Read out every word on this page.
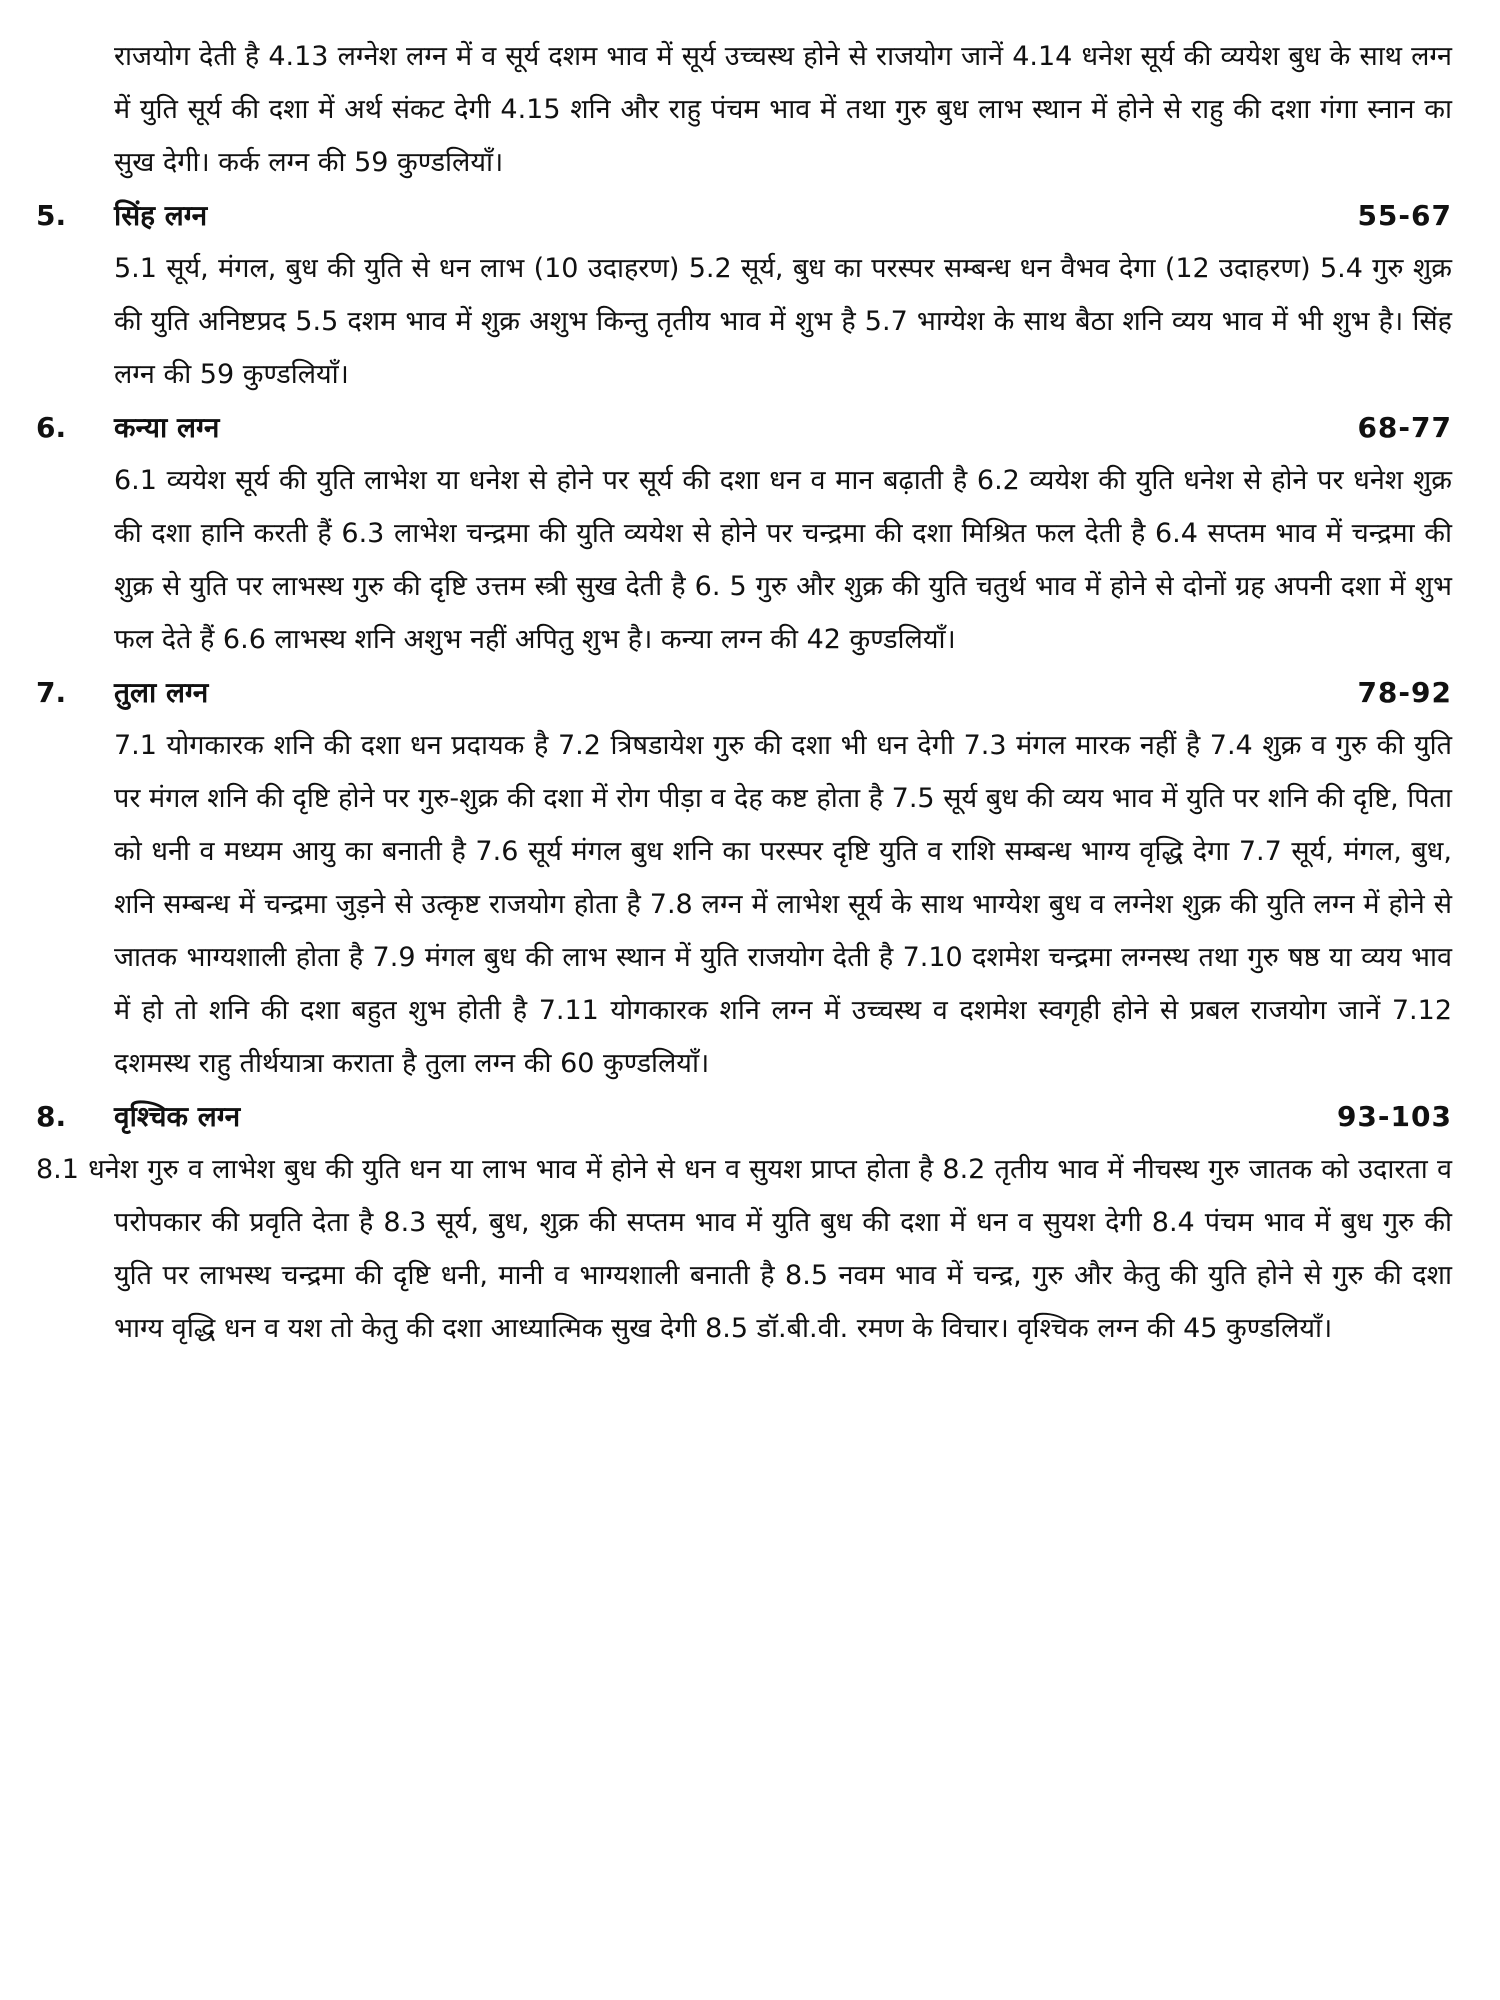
राजयोग देती है 4.13 लग्नेश लग्न में व सूर्य दशम भाव में सूर्य उच्चस्थ होने से राजयोग जानें 4.14 धनेश सूर्य की व्ययेश बुध के साथ लग्न में युति सूर्य की दशा में अर्थ संकट देगी 4.15 शनि और राहु पंचम भाव में तथा गुरु बुध लाभ स्थान में होने से राहु की दशा गंगा स्नान का सुख देगी। कर्क लग्न की 59 कुण्डलियाँ।

5.	सिंह लग्न	55-67

5.1 सूर्य, मंगल, बुध की युति से धन लाभ (10 उदाहरण) 5.2 सूर्य, बुध का परस्पर सम्बन्ध धन वैभव देगा (12 उदाहरण) 5.4 गुरु शुक्र की युति अनिष्टप्रद 5.5 दशम भाव में शुक्र अशुभ किन्तु तृतीय भाव में शुभ है 5.7 भाग्येश के साथ बैठा शनि व्यय भाव में भी शुभ है। सिंह लग्न की 59 कुण्डलियाँ।

6.	कन्या लग्न	68-77

6.1 व्ययेश सूर्य की युति लाभेश या धनेश से होने पर सूर्य की दशा धन व मान बढ़ाती है 6.2 व्ययेश की युति धनेश से होने पर धनेश शुक्र की दशा हानि करती हैं 6.3 लाभेश चन्द्रमा की युति व्ययेश से होने पर चन्द्रमा की दशा मिश्रित फल देती है 6.4 सप्तम भाव में चन्द्रमा की शुक्र से युति पर लाभस्थ गुरु की दृष्टि उत्तम स्त्री सुख देती है 6. 5 गुरु और शुक्र की युति चतुर्थ भाव में होने से दोनों ग्रह अपनी दशा में शुभ फल देते हैं 6.6 लाभस्थ शनि अशुभ नहीं अपितु शुभ है। कन्या लग्न की 42 कुण्डलियाँ।

7.	तुला लग्न	78-92

7.1 योगकारक शनि की दशा धन प्रदायक है 7.2 त्रिषडायेश गुरु की दशा भी धन देगी 7.3 मंगल मारक नहीं है 7.4 शुक्र व गुरु की युति पर मंगल शनि की दृष्टि होने पर गुरु-शुक्र की दशा में रोग पीड़ा व देह कष्ट होता है 7.5 सूर्य बुध की व्यय भाव में युति पर शनि की दृष्टि, पिता को धनी व मध्यम आयु का बनाती है 7.6 सूर्य मंगल बुध शनि का परस्पर दृष्टि युति व राशि सम्बन्ध भाग्य वृद्धि देगा 7.7 सूर्य, मंगल, बुध, शनि सम्बन्ध में चन्द्रमा जुड़ने से उत्कृष्ट राजयोग होता है 7.8 लग्न में लाभेश सूर्य के साथ भाग्येश बुध व लग्नेश शुक्र की युति लग्न में होने से जातक भाग्यशाली होता है 7.9 मंगल बुध की लाभ स्थान में युति राजयोग देती है 7.10 दशमेश चन्द्रमा लग्नस्थ तथा गुरु षष्ठ या व्यय भाव में हो तो शनि की दशा बहुत शुभ होती है 7.11 योगकारक शनि लग्न में उच्चस्थ व दशमेश स्वगृही होने से प्रबल राजयोग जानें 7.12 दशमस्थ राहु तीर्थयात्रा कराता है तुला लग्न की 60 कुण्डलियाँ।

8.	वृश्चिक लग्न	93-103

8.1 धनेश गुरु व लाभेश बुध की युति धन या लाभ भाव में होने से धन व सुयश प्राप्त होता है 8.2 तृतीय भाव में नीचस्थ गुरु जातक को उदारता व परोपकार की प्रवृति देता है 8.3 सूर्य, बुध, शुक्र की सप्तम भाव में युति बुध की दशा में धन व सुयश देगी 8.4 पंचम भाव में बुध गुरु की युति पर लाभस्थ चन्द्रमा की दृष्टि धनी, मानी व भाग्यशाली बनाती है 8.5 नवम भाव में चन्द्र, गुरु और केतु की युति होने से गुरु की दशा भाग्य वृद्धि धन व यश तो केतु की दशा आध्यात्मिक सुख देगी 8.5 डॉ.बी.वी. रमण के विचार। वृश्चिक लग्न की 45 कुण्डलियाँ।
